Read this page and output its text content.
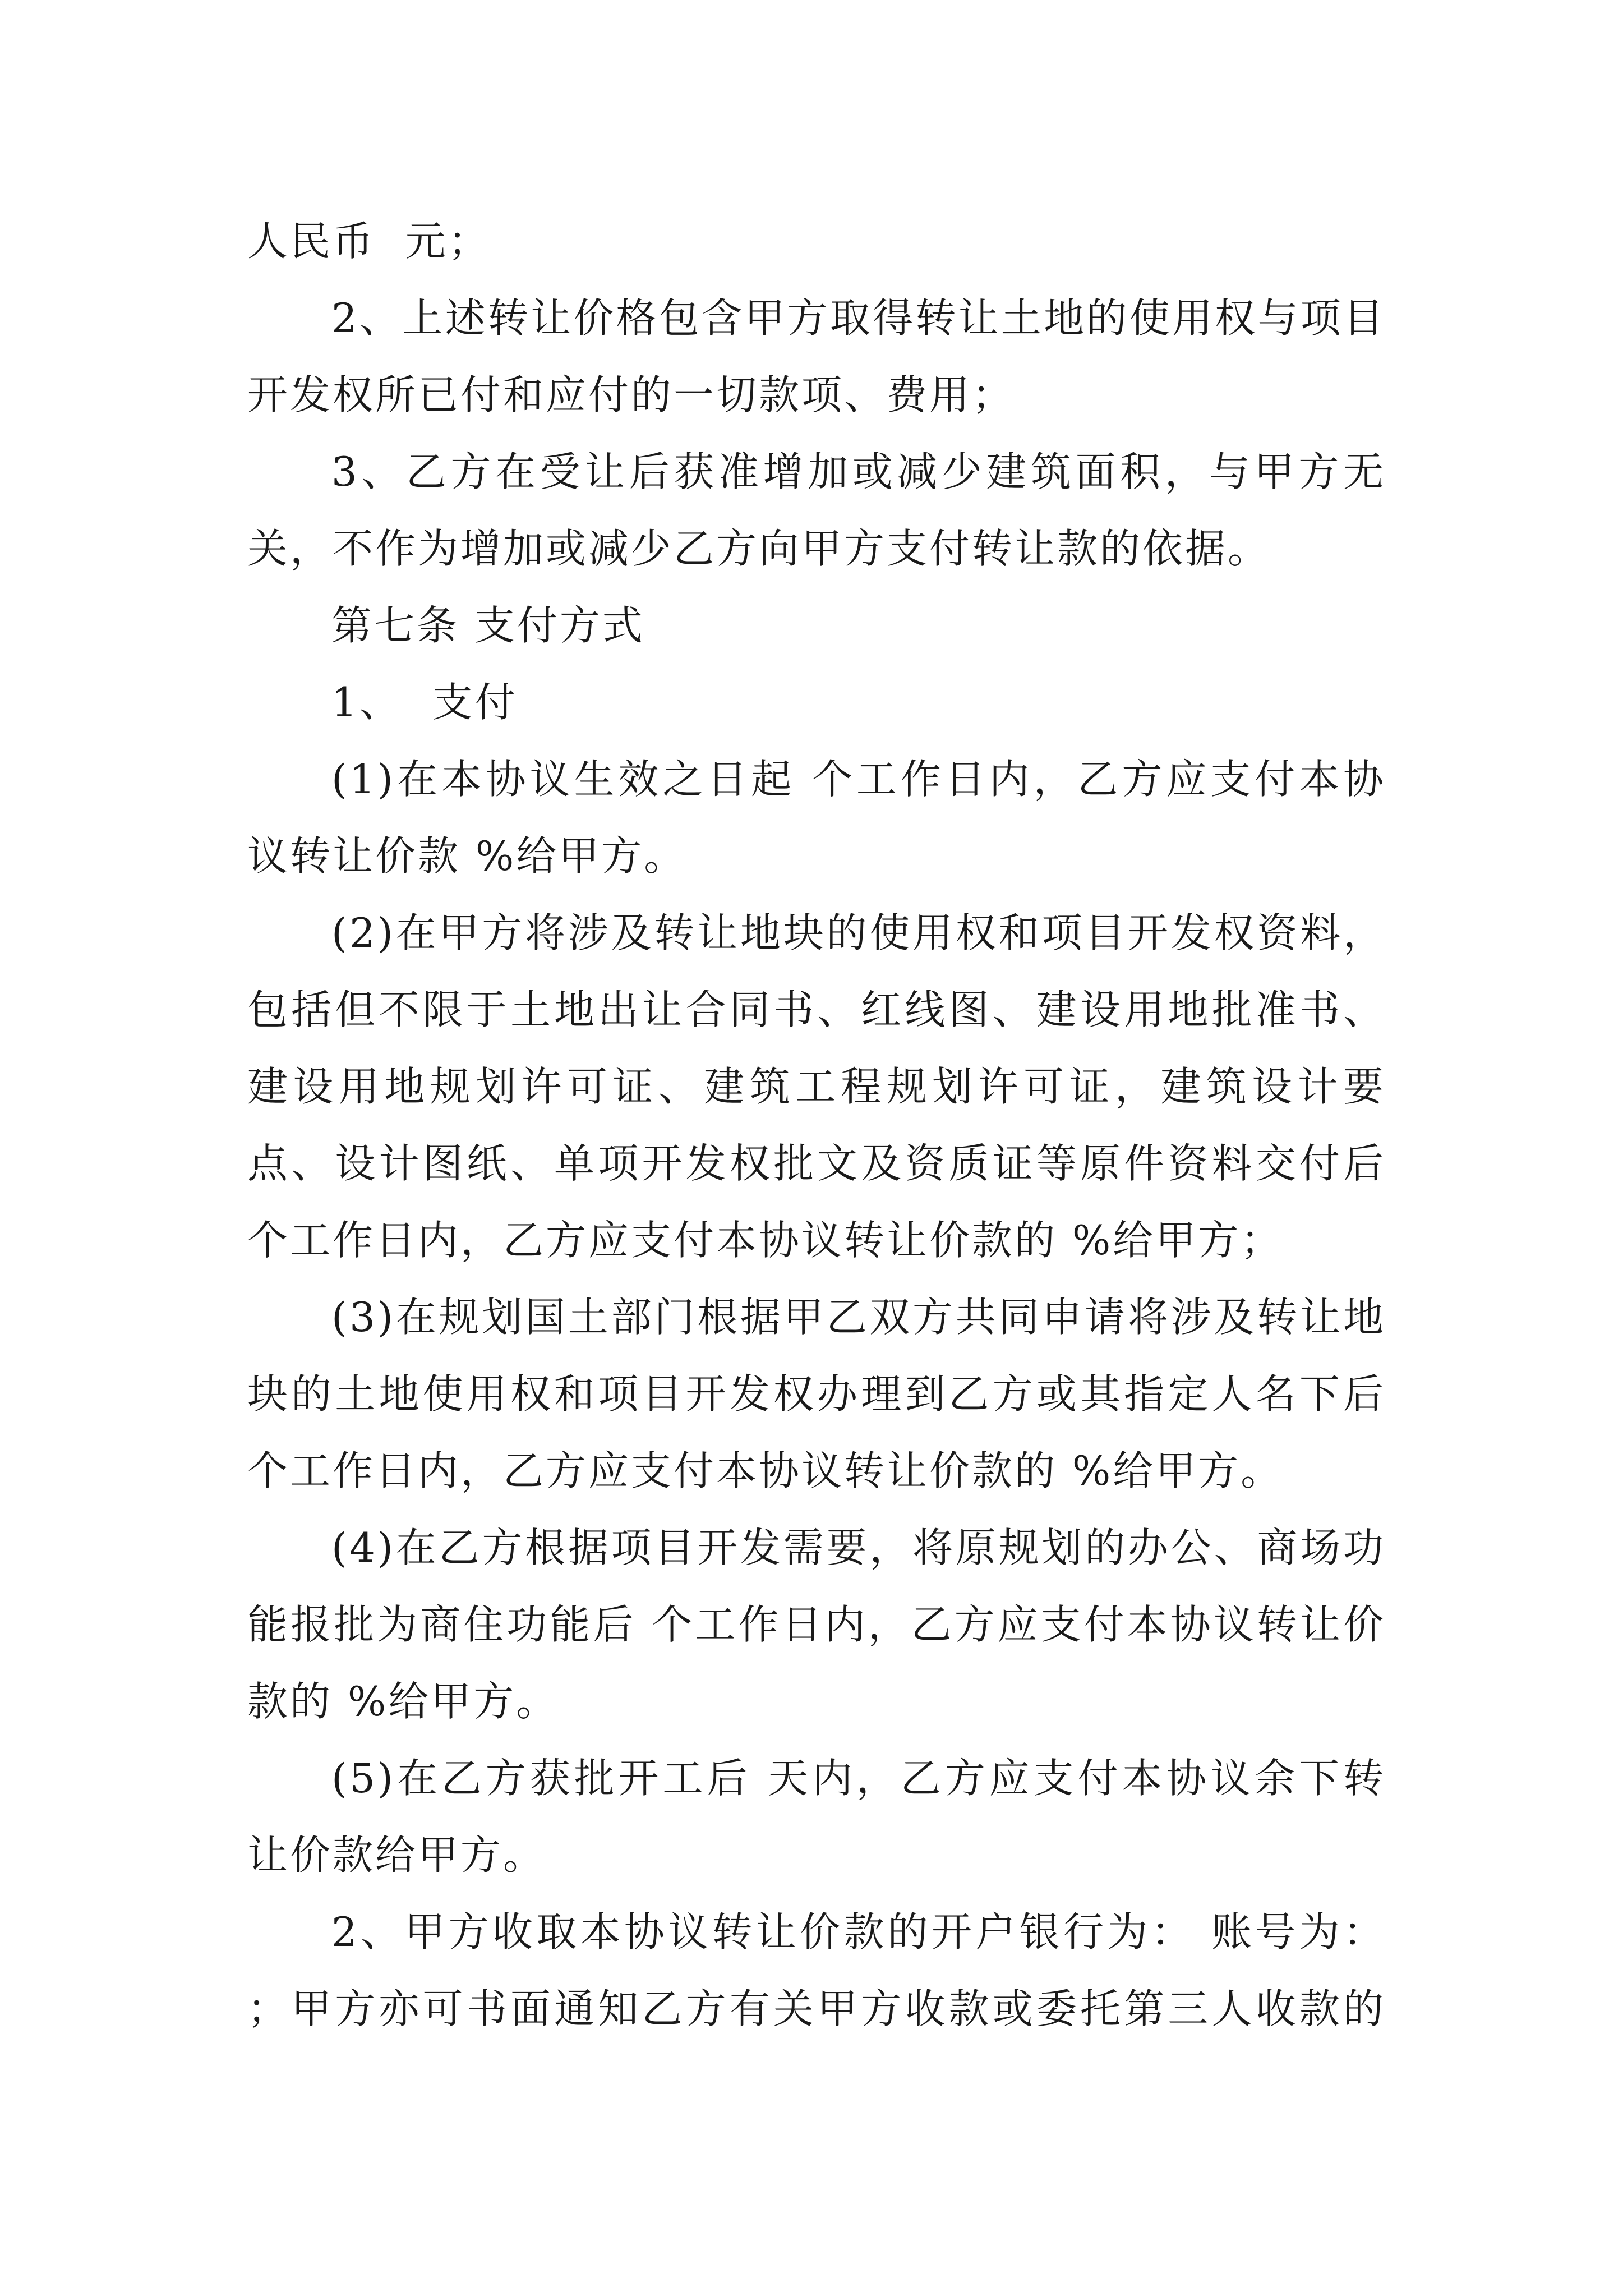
人民币  元；

2、上述转让价格包含甲方取得转让土地的使用权与项目开发权所已付和应付的一切款项、费用；

3、乙方在受让后获准增加或减少建筑面积，与甲方无关，不作为增加或减少乙方向甲方支付转让款的依据。

第七条 支付方式

1、  支付

(1)在本协议生效之日起 个工作日内，乙方应支付本协议转让价款 %给甲方。

(2)在甲方将涉及转让地块的使用权和项目开发权资料，包括但不限于土地出让合同书、红线图、建设用地批准书、建设用地规划许可证、建筑工程规划许可证，建筑设计要点、设计图纸、单项开发权批文及资质证等原件资料交付后 个工作日内，乙方应支付本协议转让价款的 %给甲方；

(3)在规划国土部门根据甲乙双方共同申请将涉及转让地块的土地使用权和项目开发权办理到乙方或其指定人名下后 个工作日内，乙方应支付本协议转让价款的 %给甲方。

(4)在乙方根据项目开发需要，将原规划的办公、商场功能报批为商住功能后 个工作日内，乙方应支付本协议转让价款的 %给甲方。

(5)在乙方获批开工后 天内，乙方应支付本协议余下转让价款给甲方。

2、甲方收取本协议转让价款的开户银行为： 账号为： ；甲方亦可书面通知乙方有关甲方收款或委托第三人收款的
